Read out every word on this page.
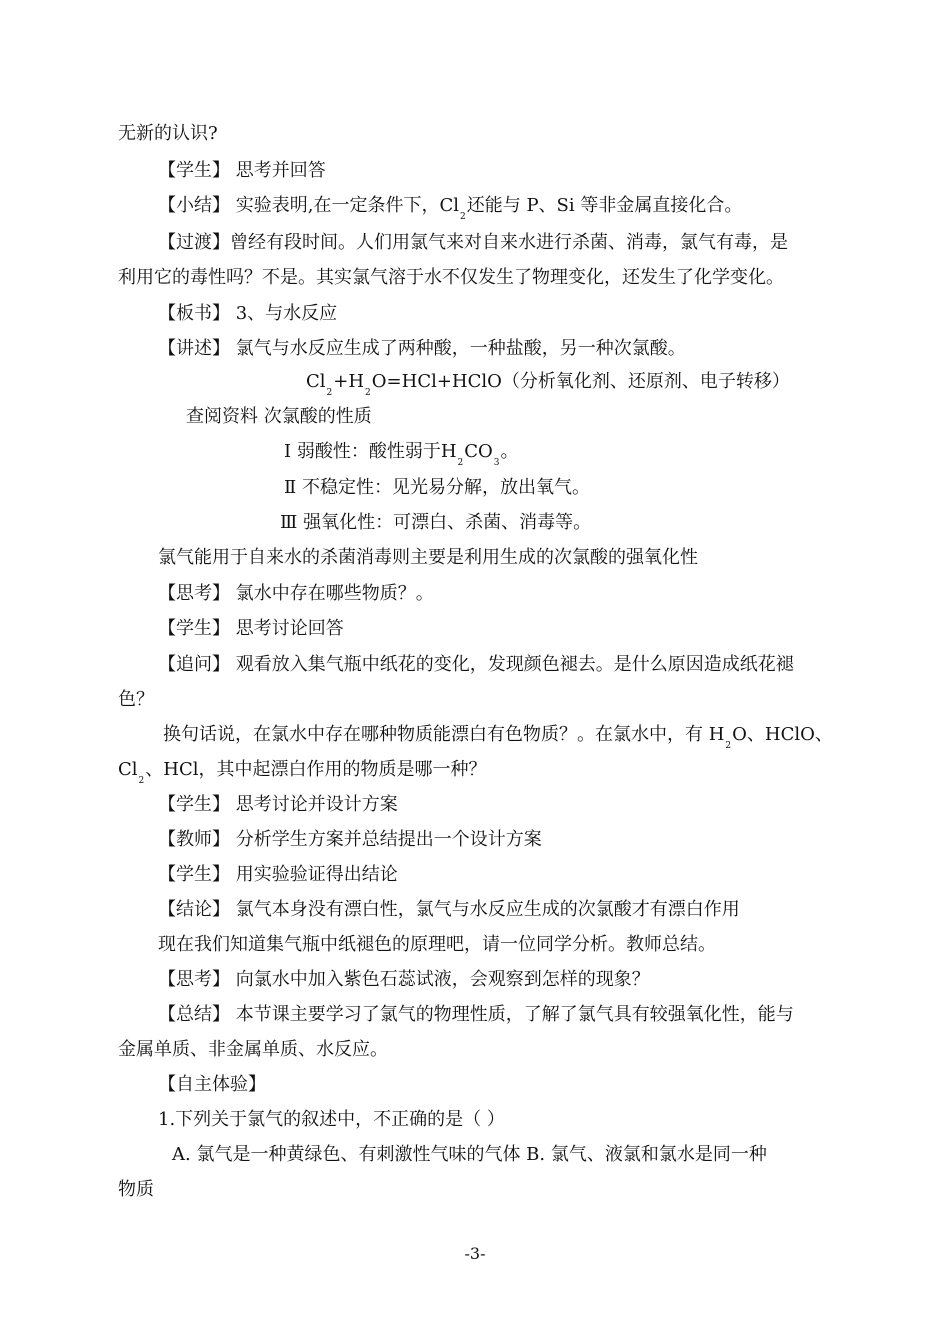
无新的认识?
【学生】 思考并回答
【小结】 实验表明,在一定条件下，$Cl_2$还能与 P、Si 等非金属直接化合。
【过渡】曾经有段时间。人们用氯气来对自来水进行杀菌、消毒，氯气有毒，是
利用它的毒性吗？不是。其实氯气溶于水不仅发生了物理变化，还发生了化学变化。
【板书】 3、与水反应
【讲述】 氯气与水反应生成了两种酸，一种盐酸，另一种次氯酸。
$Cl_2+H_2O=HCl+HClO$（分析氧化剂、还原剂、电子转移）
查阅资料 次氯酸的性质
Ⅰ 弱酸性：酸性弱于$H_2CO_3$。
Ⅱ 不稳定性：见光易分解，放出氧气。
Ⅲ 强氧化性：可漂白、杀菌、消毒等。
氯气能用于自来水的杀菌消毒则主要是利用生成的次氯酸的强氧化性
【思考】 氯水中存在哪些物质？。
【学生】 思考讨论回答
【追问】 观看放入集气瓶中纸花的变化，发现颜色褪去。是什么原因造成纸花褪
色？
换句话说，在氯水中存在哪种物质能漂白有色物质？。在氯水中，有 $H_2O$、HClO、
$Cl_2$、HCl，其中起漂白作用的物质是哪一种？
【学生】 思考讨论并设计方案
【教师】 分析学生方案并总结提出一个设计方案
【学生】 用实验验证得出结论
【结论】 氯气本身没有漂白性，氯气与水反应生成的次氯酸才有漂白作用
现在我们知道集气瓶中纸褪色的原理吧，请一位同学分析。教师总结。
【思考】 向氯水中加入紫色石蕊试液，会观察到怎样的现象？
【总结】 本节课主要学习了氯气的物理性质，了解了氯气具有较强氧化性，能与
金属单质、非金属单质、水反应。
【自主体验】
1.下列关于氯气的叙述中，不正确的是（ ）
A. 氯气是一种黄绿色、有刺激性气味的气体 B. 氯气、液氯和氯水是同一种
物质
-3-
